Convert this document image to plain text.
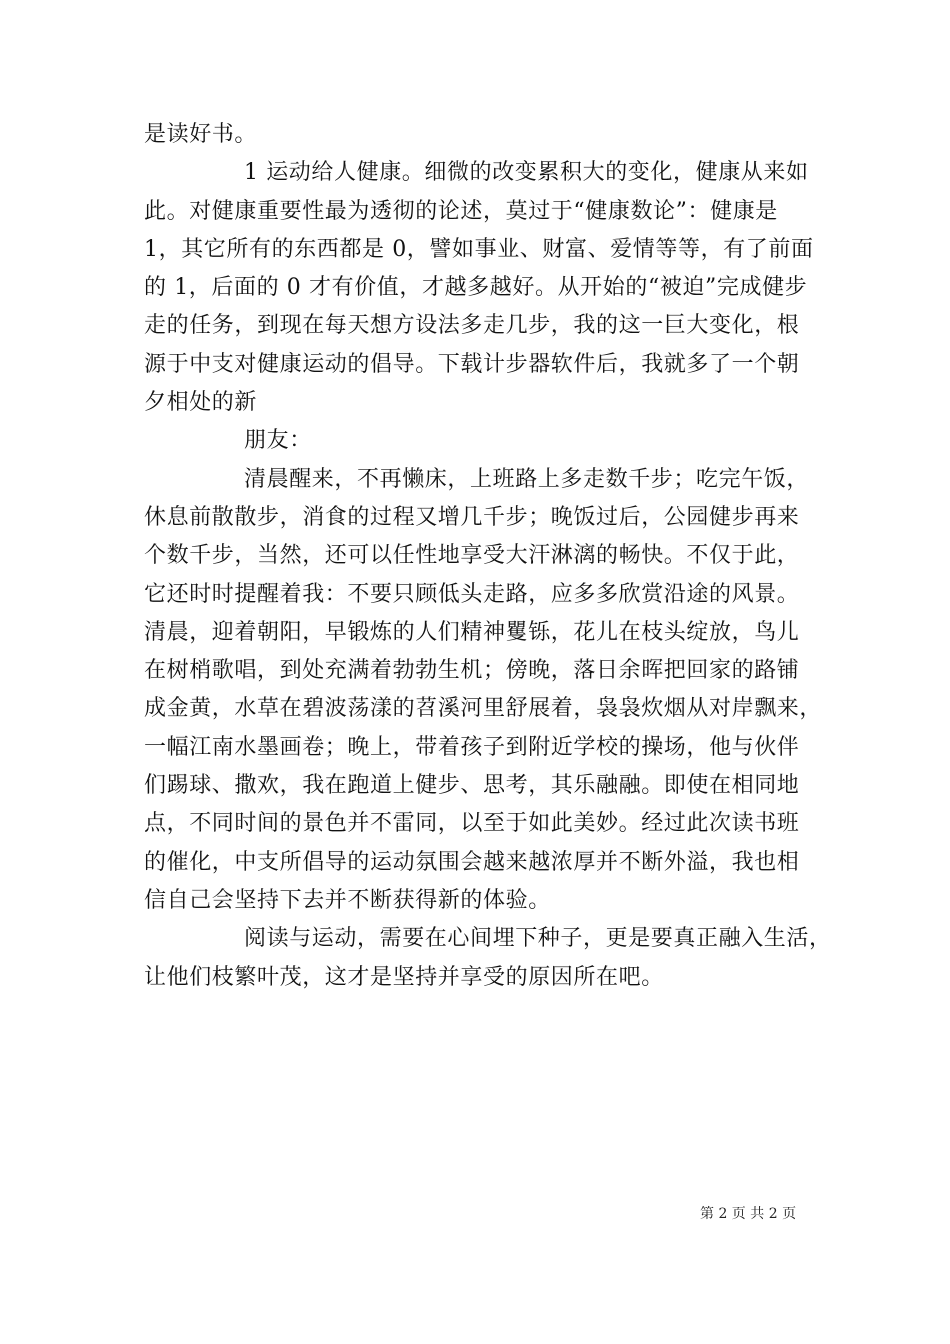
是读好书。
1 运动给人健康。细微的改变累积大的变化，健康从来如
此。对健康重要性最为透彻的论述，莫过于“健康数论”：健康是
1，其它所有的东西都是 0，譬如事业、财富、爱情等等，有了前面
的 1，后面的 0 才有价值，才越多越好。从开始的“被迫”完成健步
走的任务，到现在每天想方设法多走几步，我的这一巨大变化，根
源于中支对健康运动的倡导。下载计步器软件后，我就多了一个朝
夕相处的新
朋友：
清晨醒来，不再懒床，上班路上多走数千步；吃完午饭，
休息前散散步，消食的过程又增几千步；晚饭过后，公园健步再来
个数千步，当然，还可以任性地享受大汗淋漓的畅快。不仅于此，
它还时时提醒着我：不要只顾低头走路，应多多欣赏沿途的风景。
清晨，迎着朝阳，早锻炼的人们精神矍铄，花儿在枝头绽放，鸟儿
在树梢歌唱，到处充满着勃勃生机；傍晚，落日余晖把回家的路铺
成金黄，水草在碧波荡漾的苕溪河里舒展着，袅袅炊烟从对岸飘来，
一幅江南水墨画卷；晚上，带着孩子到附近学校的操场，他与伙伴
们踢球、撒欢，我在跑道上健步、思考，其乐融融。即使在相同地
点，不同时间的景色并不雷同，以至于如此美妙。经过此次读书班
的催化，中支所倡导的运动氛围会越来越浓厚并不断外溢，我也相
信自己会坚持下去并不断获得新的体验。
阅读与运动，需要在心间埋下种子，更是要真正融入生活，
让他们枝繁叶茂，这才是坚持并享受的原因所在吧。
第 2 页 共 2 页
